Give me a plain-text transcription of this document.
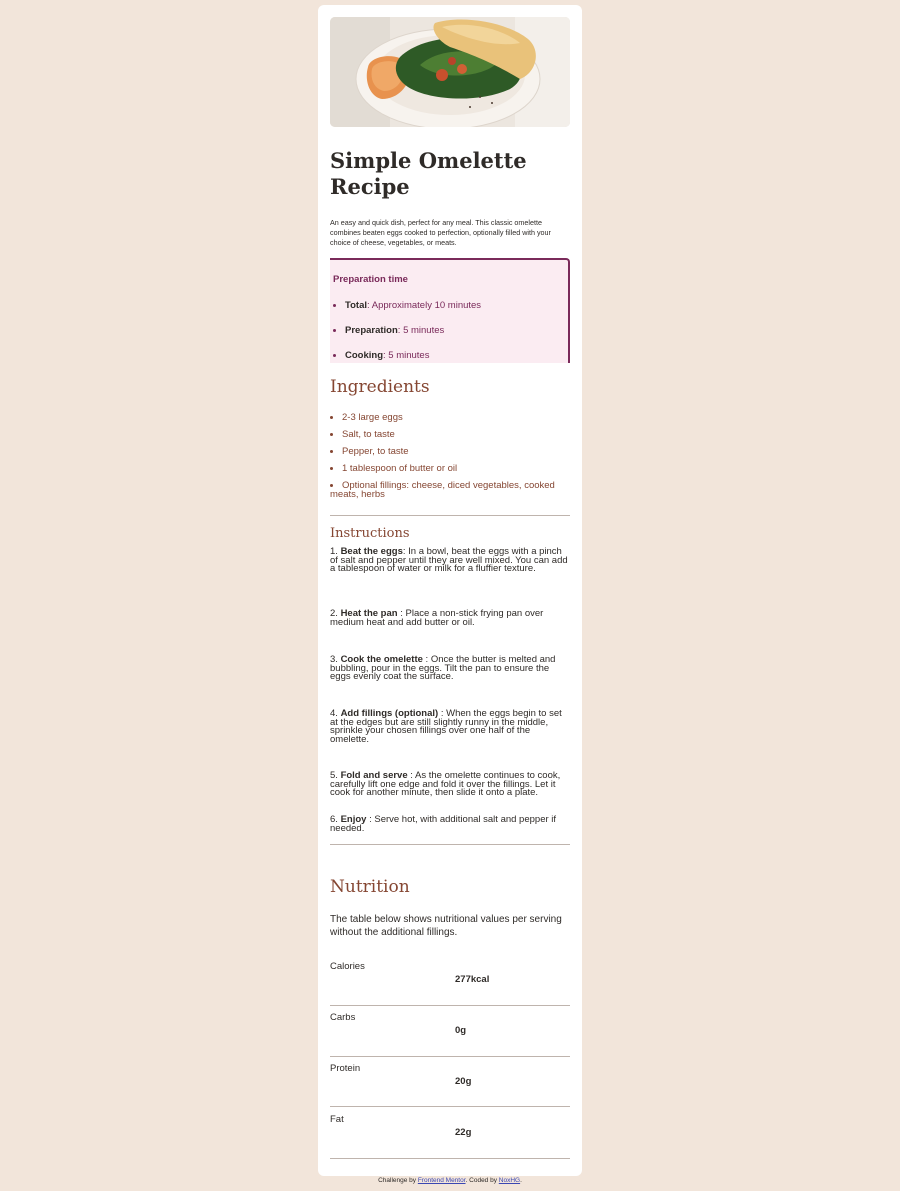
Simple Omelette Recipe

An easy and quick dish, perfect for any meal. This classic omelette combines beaten eggs cooked to perfection, optionally filled with your choice of cheese, vegetables, or meats.

Preparation time

Total: Approximately 10 minutes
Preparation: 5 minutes
Cooking: 5 minutes
Ingredients
2-3 large eggs
Salt, to taste
Pepper, to taste
1 tablespoon of butter or oil
Optional fillings: cheese, diced vegetables, cooked meats, herbs
Instructions

1. Beat the eggs: In a bowl, beat the eggs with a pinch of salt and pepper until they are well mixed. You can add a tablespoon of water or milk for a fluffier texture.

2. Heat the pan : Place a non-stick frying pan over medium heat and add butter or oil.

3. Cook the omelette : Once the butter is melted and bubbling, pour in the eggs. Tilt the pan to ensure the eggs evenly coat the surface.

4. Add fillings (optional) : When the eggs begin to set at the edges but are still slightly runny in the middle, sprinkle your chosen fillings over one half of the omelette.

5. Fold and serve : As the omelette continues to cook, carefully lift one edge and fold it over the fillings. Let it cook for another minute, then slide it onto a plate.

6. Enjoy : Serve hot, with additional salt and pepper if needed.

Nutrition

The table below shows nutritional values per serving without the additional fillings.

Calories
277kcal
Carbs
0g
Protein
20g
Fat
22g
Challenge by Frontend Mentor. Coded by NoxHG.
